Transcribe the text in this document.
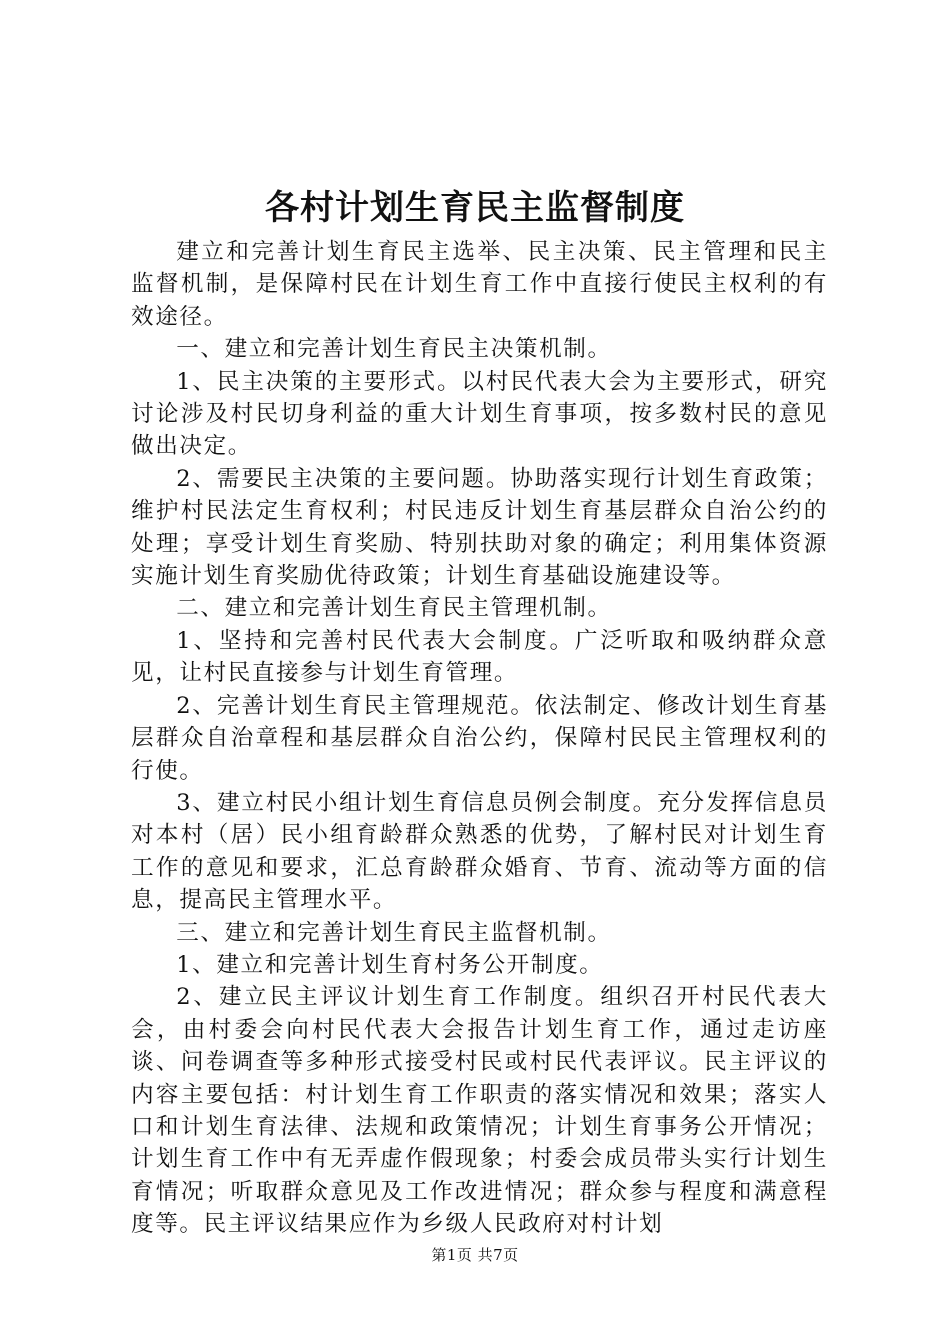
各村计划生育民主监督制度

建立和完善计划生育民主选举、民主决策、民主管理和民主监督机制，是保障村民在计划生育工作中直接行使民主权利的有效途径。

一、建立和完善计划生育民主决策机制。

1、民主决策的主要形式。以村民代表大会为主要形式，研究讨论涉及村民切身利益的重大计划生育事项，按多数村民的意见做出决定。

2、需要民主决策的主要问题。协助落实现行计划生育政策；维护村民法定生育权利；村民违反计划生育基层群众自治公约的处理；享受计划生育奖励、特别扶助对象的确定；利用集体资源实施计划生育奖励优待政策；计划生育基础设施建设等。

二、建立和完善计划生育民主管理机制。

1、坚持和完善村民代表大会制度。广泛听取和吸纳群众意见，让村民直接参与计划生育管理。

2、完善计划生育民主管理规范。依法制定、修改计划生育基层群众自治章程和基层群众自治公约，保障村民民主管理权利的行使。

3、建立村民小组计划生育信息员例会制度。充分发挥信息员对本村（居）民小组育龄群众熟悉的优势，了解村民对计划生育工作的意见和要求，汇总育龄群众婚育、节育、流动等方面的信息，提高民主管理水平。

三、建立和完善计划生育民主监督机制。

1、建立和完善计划生育村务公开制度。

2、建立民主评议计划生育工作制度。组织召开村民代表大会，由村委会向村民代表大会报告计划生育工作，通过走访座谈、问卷调查等多种形式接受村民或村民代表评议。民主评议的内容主要包括：村计划生育工作职责的落实情况和效果；落实人口和计划生育法律、法规和政策情况；计划生育事务公开情况；计划生育工作中有无弄虚作假现象；村委会成员带头实行计划生育情况；听取群众意见及工作改进情况；群众参与程度和满意程度等。民主评议结果应作为乡级人民政府对村计划

第1页 共7页
